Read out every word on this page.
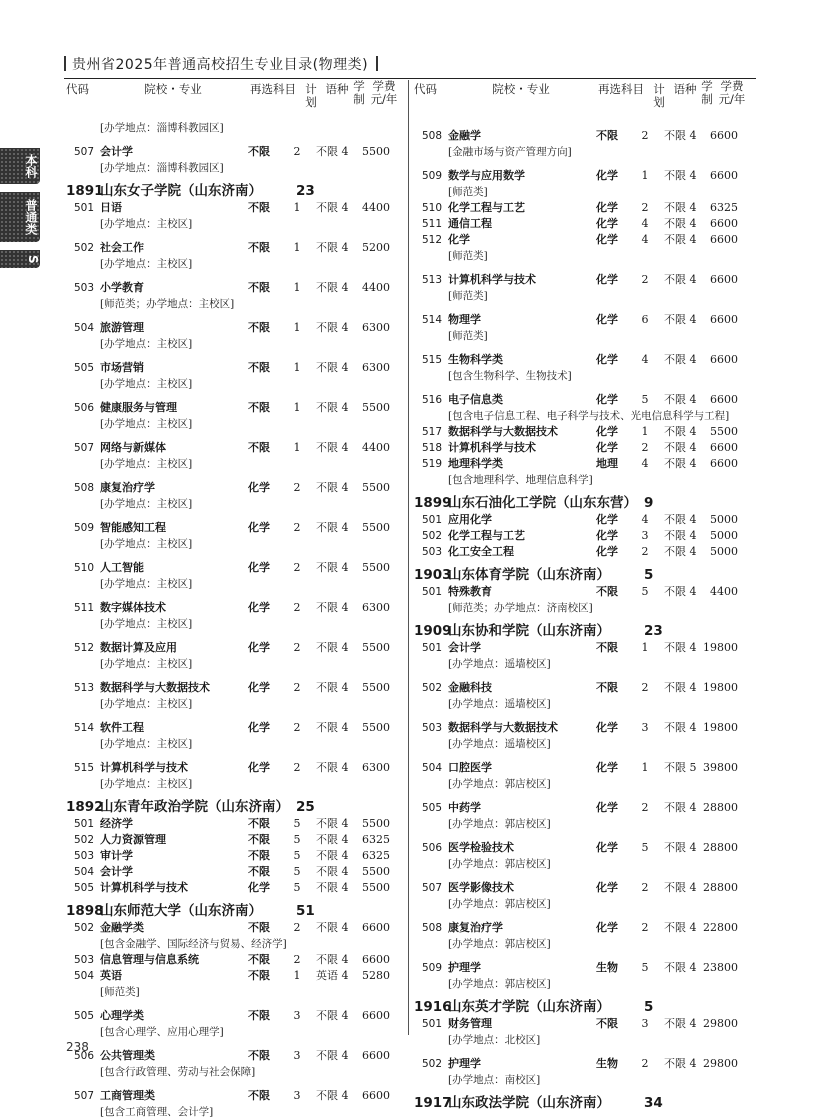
贵州省2025年普通高校招生专业目录(物理类)
本科
普通类
S
代码	院校・专业	再选科目 计划
语种 学制
学费元/年
[办学地点：淄博科教园区]
507 会计学	不限	2	不限 4	5500
[办学地点：淄博科教园区]
1891
山东女子学院（山东济南）	23
501 日语	不限	1	不限 4	4400
[办学地点：主校区]
502 社会工作	不限	1	不限 4	5200
[办学地点：主校区]
503 小学教育	不限	1	不限 4	4400
[师范类；办学地点：主校区]
504 旅游管理	不限	1	不限 4	6300
[办学地点：主校区]
505 市场营销	不限	1	不限 4	6300
[办学地点：主校区]
506 健康服务与管理	不限	1	不限 4	5500
[办学地点：主校区]
507 网络与新媒体	不限	1	不限 4	4400
[办学地点：主校区]
508 康复治疗学	化学	2	不限 4	5500
[办学地点：主校区]
509 智能感知工程	化学	2	不限 4	5500
[办学地点：主校区]
510 人工智能	化学	2	不限 4	5500
[办学地点：主校区]
511 数字媒体技术	化学	2	不限 4	6300
[办学地点：主校区]
512 数据计算及应用	化学	2	不限 4	5500
[办学地点：主校区]
513 数据科学与大数据技术	化学	2	不限 4	5500
[办学地点：主校区]
514 软件工程	化学	2	不限 4	5500
[办学地点：主校区]
515 计算机科学与技术	化学	2	不限 4	6300
[办学地点：主校区]
1892
山东青年政治学院（山东济南） 25
501 经济学	不限	5	不限 4	5500
502 人力资源管理	不限	5	不限 4	6325
503 审计学	不限	5	不限 4	6325
504 会计学	不限	5	不限 4	5500
505 计算机科学与技术	化学	5	不限 4	5500
1898
山东师范大学（山东济南）	51
502 金融学类	不限	2	不限 4	6600
[包含金融学、国际经济与贸易、经济学]
503 信息管理与信息系统	不限	2	不限 4	6600
504 英语	不限	1	英语 4	5280
[师范类]
505 心理学类	不限	3	不限 4	6600
[包含心理学、应用心理学]
506 公共管理类	不限	3	不限 4	6600
[包含行政管理、劳动与社会保障]
507 工商管理类	不限	3	不限 4	6600
[包含工商管理、会计学]
代码	院校・专业	再选科目 计划
语种 学制
学费元/年
508 金融学	不限	2	不限 4	6600
[金融市场与资产管理方向]
509 数学与应用数学	化学	1	不限 4	6600
[师范类]
510 化学工程与工艺	化学	2	不限 4	6325
511 通信工程	化学	4	不限 4	6600
512 化学	化学	4	不限 4	6600
[师范类]
513 计算机科学与技术	化学	2	不限 4	6600
[师范类]
514 物理学	化学	6	不限 4	6600
[师范类]
515 生物科学类	化学	4	不限 4	6600
[包含生物科学、生物技术]
516 电子信息类	化学	5	不限 4	6600
[包含电子信息工程、电子科学与技术、光电信息科学与工程]
517 数据科学与大数据技术	化学	1	不限 4	5500
518 计算机科学与技术	化学	2	不限 4	6600
519 地理科学类	地理	4	不限 4	6600
[包含地理科学、地理信息科学]
1899
山东石油化工学院（山东东营） 9
501 应用化学	化学	4	不限 4	5000
502 化学工程与工艺	化学	3	不限 4	5000
503 化工安全工程	化学	2	不限 4	5000
1903
山东体育学院（山东济南）	5
501 特殊教育	不限	5	不限 4	4400
[师范类；办学地点：济南校区]
1909
山东协和学院（山东济南）	23
501 会计学	不限	1	不限 4 19800
[办学地点：遥墙校区]
502 金融科技	不限	2	不限 4 19800
[办学地点：遥墙校区]
503 数据科学与大数据技术	化学	3	不限 4 19800
[办学地点：遥墙校区]
504 口腔医学	化学	1	不限 5 39800
[办学地点：郭店校区]
505 中药学	化学	2	不限 4 28800
[办学地点：郭店校区]
506 医学检验技术	化学	5	不限 4 28800
[办学地点：郭店校区]
507 医学影像技术	化学	2	不限 4 28800
[办学地点：郭店校区]
508 康复治疗学	化学	2	不限 4 22800
[办学地点：郭店校区]
509 护理学	生物	5	不限 4 23800
[办学地点：郭店校区]
1916
山东英才学院（山东济南）	5
501 财务管理	不限	3	不限 4 29800
[办学地点：北校区]
502 护理学	生物	2	不限 4 29800
[办学地点：南校区]
1917
山东政法学院（山东济南）	34
238
